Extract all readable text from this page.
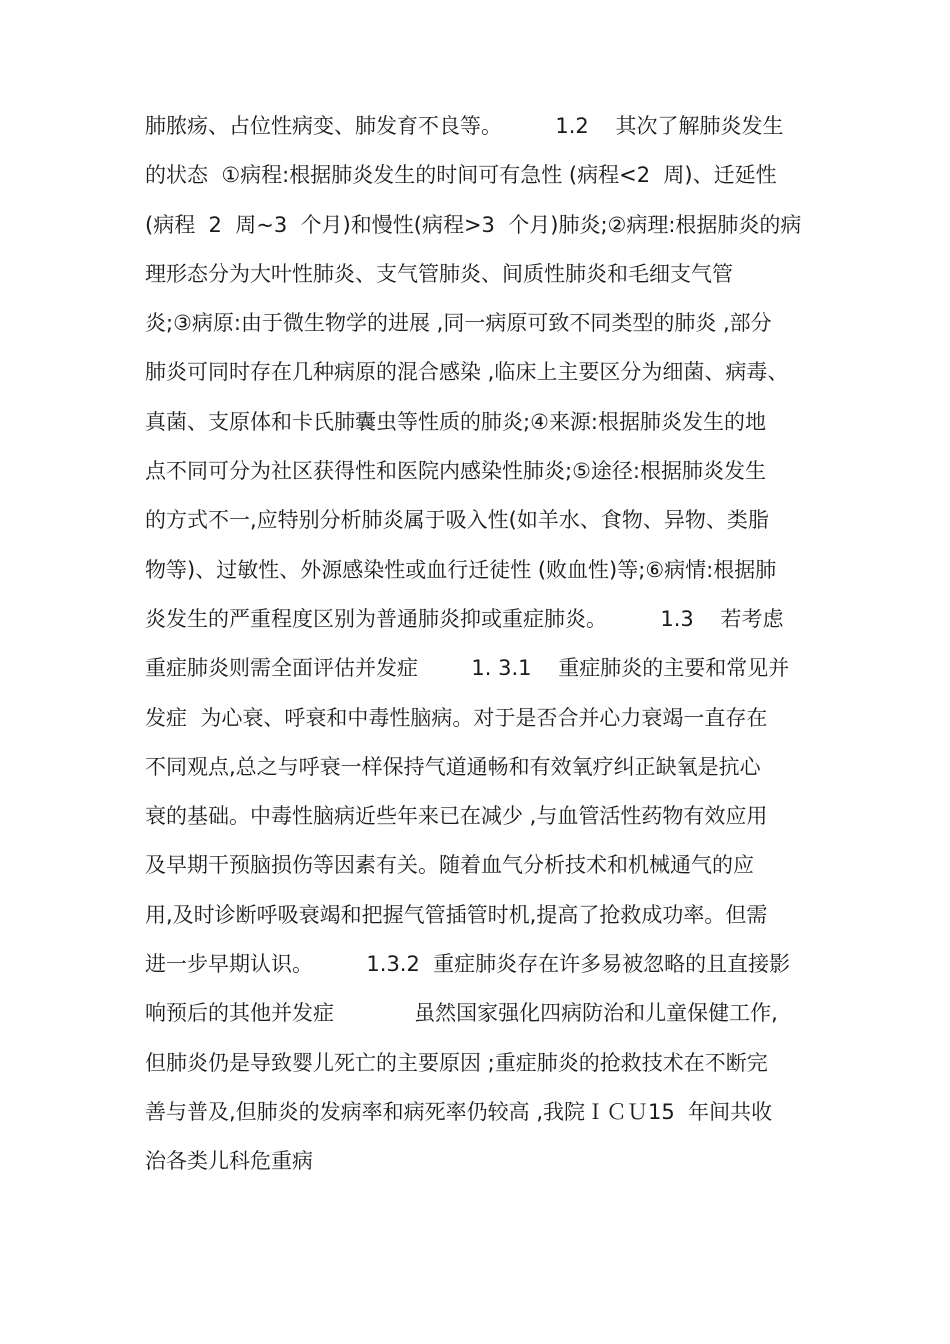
肺脓疡、占位性病变、肺发育不良等。        1.2    其次了解肺炎发生
的状态  ①病程:根据肺炎发生的时间可有急性 (病程<2  周)、迁延性
(病程  2  周~3  个月)和慢性(病程>3  个月)肺炎;②病理:根据肺炎的病
理形态分为大叶性肺炎、支气管肺炎、间质性肺炎和毛细支气管
炎;③病原:由于微生物学的进展 ,同一病原可致不同类型的肺炎 ,部分
肺炎可同时存在几种病原的混合感染 ,临床上主要区分为细菌、病毒、
真菌、支原体和卡氏肺囊虫等性质的肺炎;④来源:根据肺炎发生的地
点不同可分为社区获得性和医院内感染性肺炎;⑤途径:根据肺炎发生
的方式不一,应特别分析肺炎属于吸入性(如羊水、食物、异物、类脂
物等)、过敏性、外源感染性或血行迁徒性 (败血性)等;⑥病情:根据肺
炎发生的严重程度区别为普通肺炎抑或重症肺炎。        1.3    若考虑
重症肺炎则需全面评估并发症        1. 3.1    重症肺炎的主要和常见并
发症  为心衰、呼衰和中毒性脑病。对于是否合并心力衰竭一直存在
不同观点,总之与呼衰一样保持气道通畅和有效氧疗纠正缺氧是抗心
衰的基础。中毒性脑病近些年来已在减少 ,与血管活性药物有效应用
及早期干预脑损伤等因素有关。随着血气分析技术和机械通气的应
用,及时诊断呼吸衰竭和把握气管插管时机,提高了抢救成功率。但需
进一步早期认识。        1.3.2  重症肺炎存在许多易被忽略的且直接影
响预后的其他并发症            虽然国家强化四病防治和儿童保健工作,
但肺炎仍是导致婴儿死亡的主要原因 ;重症肺炎的抢救技术在不断完
善与普及,但肺炎的发病率和病死率仍较高 ,我院ＩＣＵ15  年间共收
治各类儿科危重病
